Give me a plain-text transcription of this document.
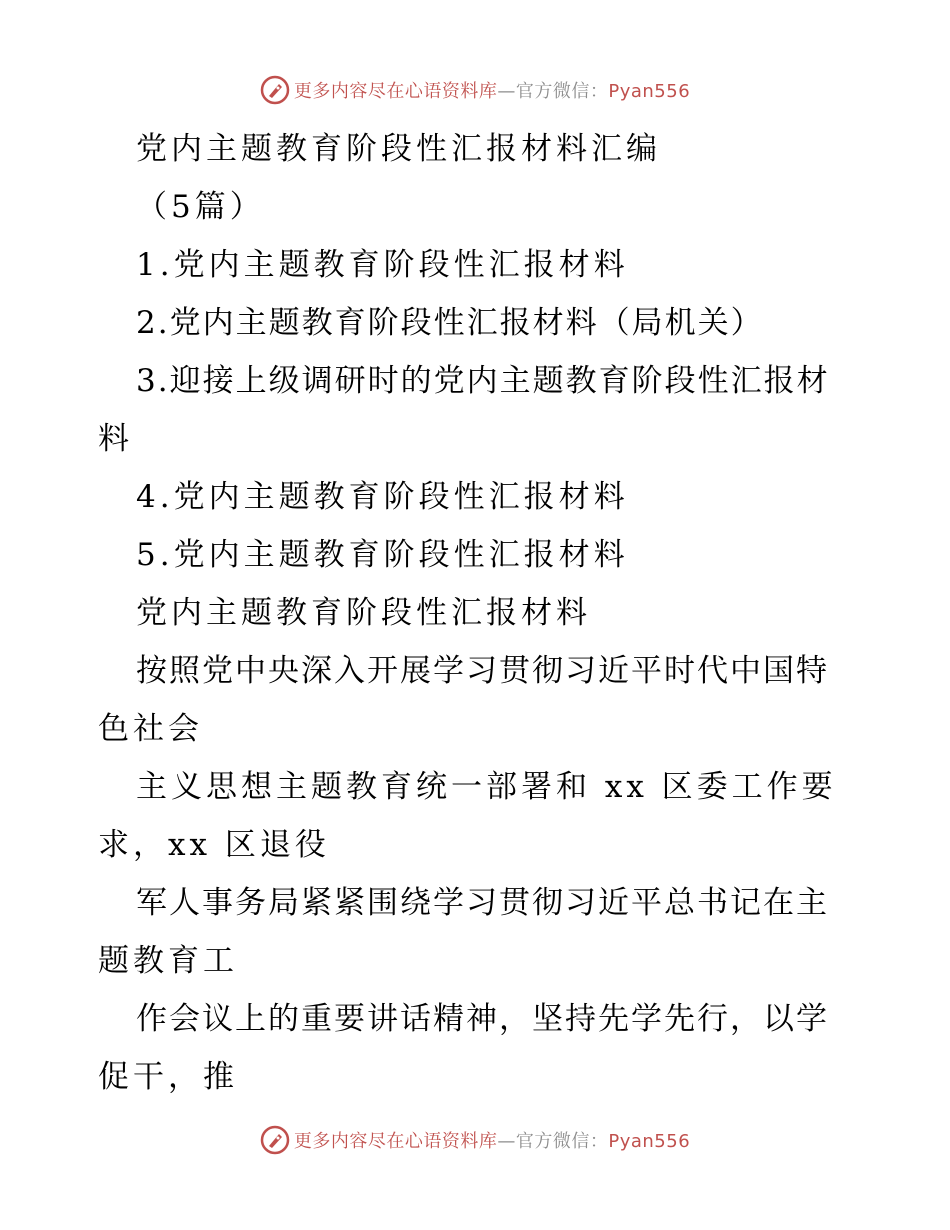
更多内容尽在心语资料库—官方微信：Pyan556
党内主题教育阶段性汇报材料汇编
（5篇）
1.党内主题教育阶段性汇报材料
2.党内主题教育阶段性汇报材料（局机关）
3.迎接上级调研时的党内主题教育阶段性汇报材
料
4.党内主题教育阶段性汇报材料
5.党内主题教育阶段性汇报材料
党内主题教育阶段性汇报材料
按照党中央深入开展学习贯彻习近平时代中国特
色社会
主义思想主题教育统一部署和 xx 区委工作要
求，xx 区退役
军人事务局紧紧围绕学习贯彻习近平总书记在主
题教育工
作会议上的重要讲话精神，坚持先学先行，以学
促干，推
更多内容尽在心语资料库—官方微信：Pyan556
